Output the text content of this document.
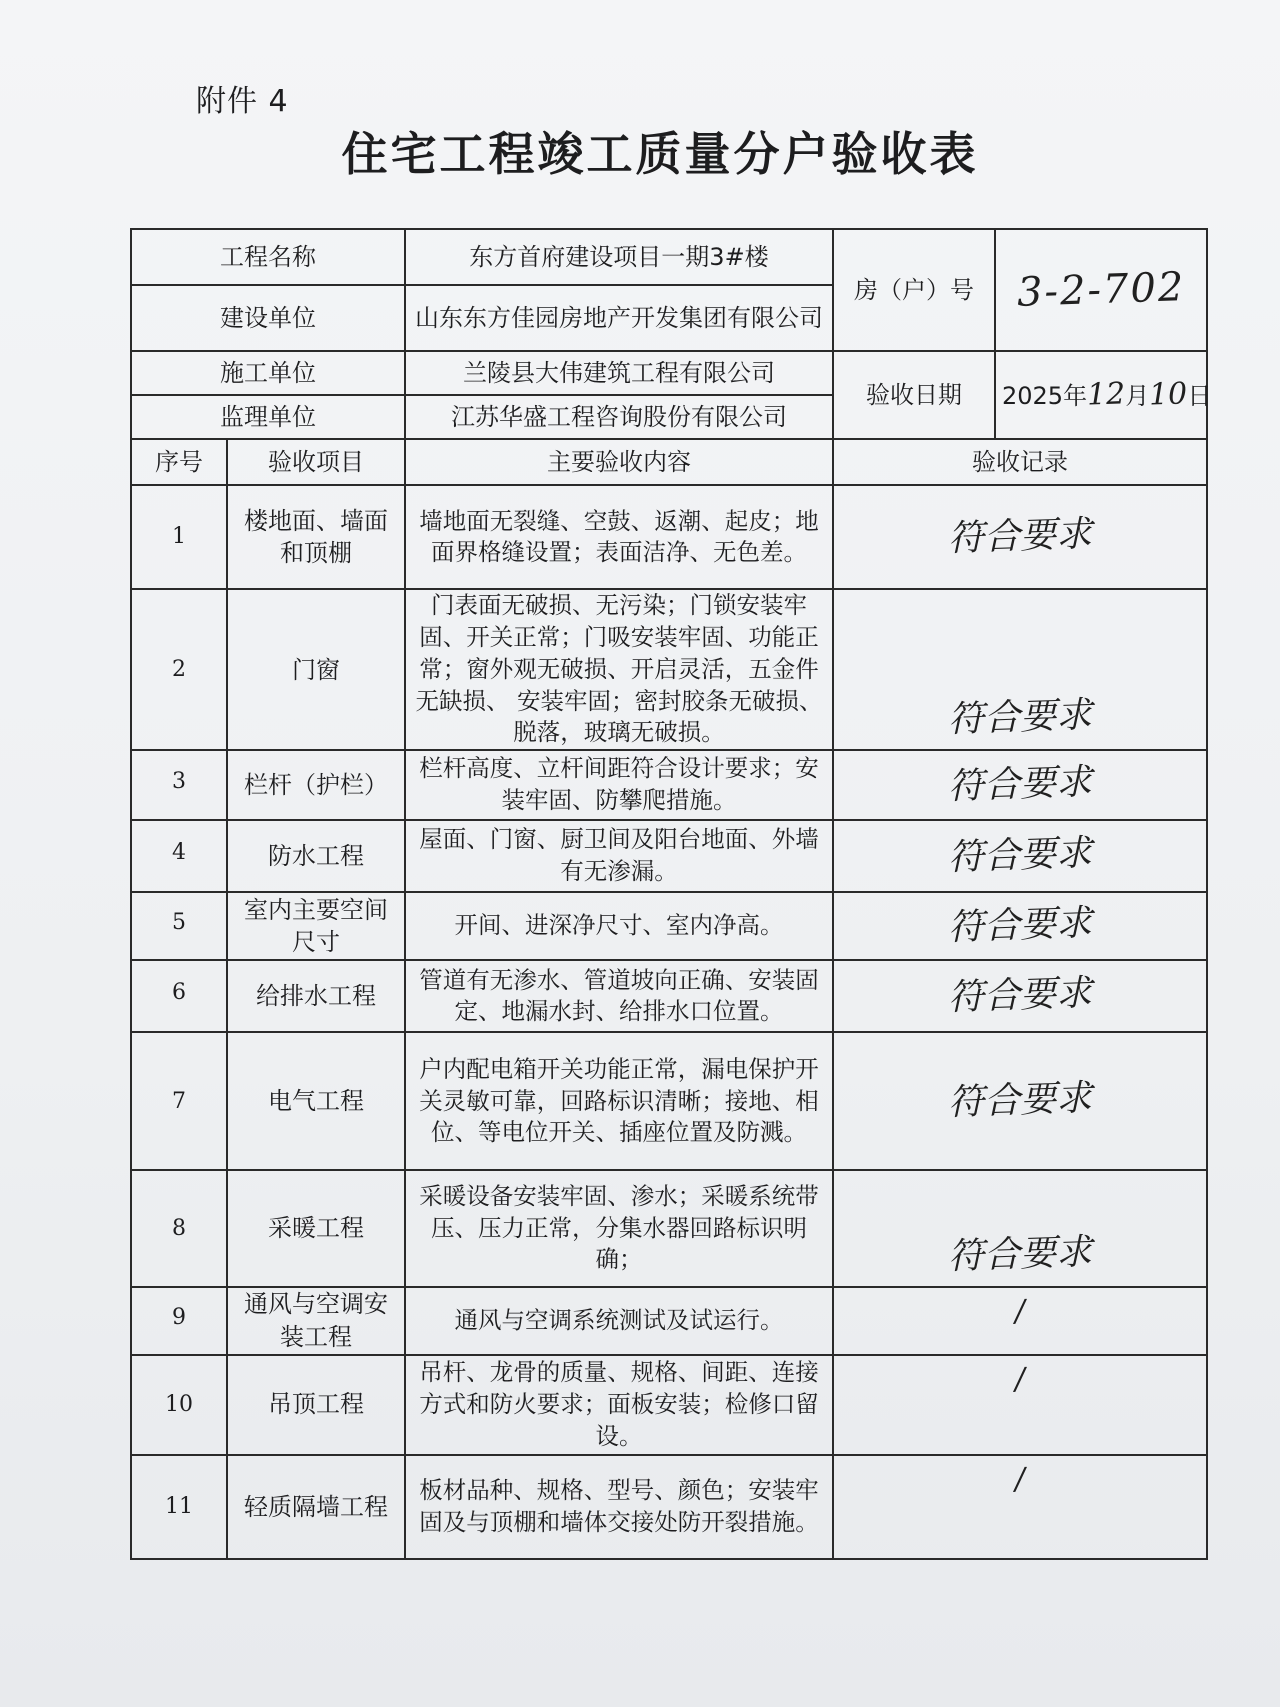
附件 4
住宅工程竣工质量分户验收表
工程名称		东方首府建设项目一期3#楼	房（户）号	3-2-702
建设单位		山东东方佳园房地产开发集团有限公司		
施工单位		兰陵县大伟建筑工程有限公司	验收日期	2025年12月10日
监理单位		江苏华盛工程咨询股份有限公司		
序号	验收项目	主要验收内容	验收记录	
1	楼地面、墙面和顶棚	墙地面无裂缝、空鼓、返潮、起皮；地面界格缝设置；表面洁净、无色差。	符合要求	
2	门窗	门表面无破损、无污染；门锁安装牢固、开关正常；门吸安装牢固、功能正常；窗外观无破损、开启灵活，五金件无缺损、 安装牢固；密封胶条无破损、脱落，玻璃无破损。	符合要求	
3	栏杆（护栏）	栏杆高度、立杆间距符合设计要求；安装牢固、防攀爬措施。	符合要求	
4	防水工程	屋面、门窗、厨卫间及阳台地面、外墙有无渗漏。	符合要求	
5	室内主要空间尺寸	开间、进深净尺寸、室内净高。	符合要求	
6	给排水工程	管道有无渗水、管道坡向正确、安装固定、地漏水封、给排水口位置。	符合要求	
7	电气工程	户内配电箱开关功能正常，漏电保护开关灵敏可靠，回路标识清晰；接地、相位、等电位开关、插座位置及防溅。	符合要求	
8	采暖工程	采暖设备安装牢固、渗水；采暖系统带压、压力正常，分集水器回路标识明确；	符合要求	
9	通风与空调安装工程	通风与空调系统测试及试运行。	/	
10	吊顶工程	吊杆、龙骨的质量、规格、间距、连接方式和防火要求；面板安装；检修口留设。	/	
11	轻质隔墙工程	板材品种、规格、型号、颜色；安装牢固及与顶棚和墙体交接处防开裂措施。	/	
